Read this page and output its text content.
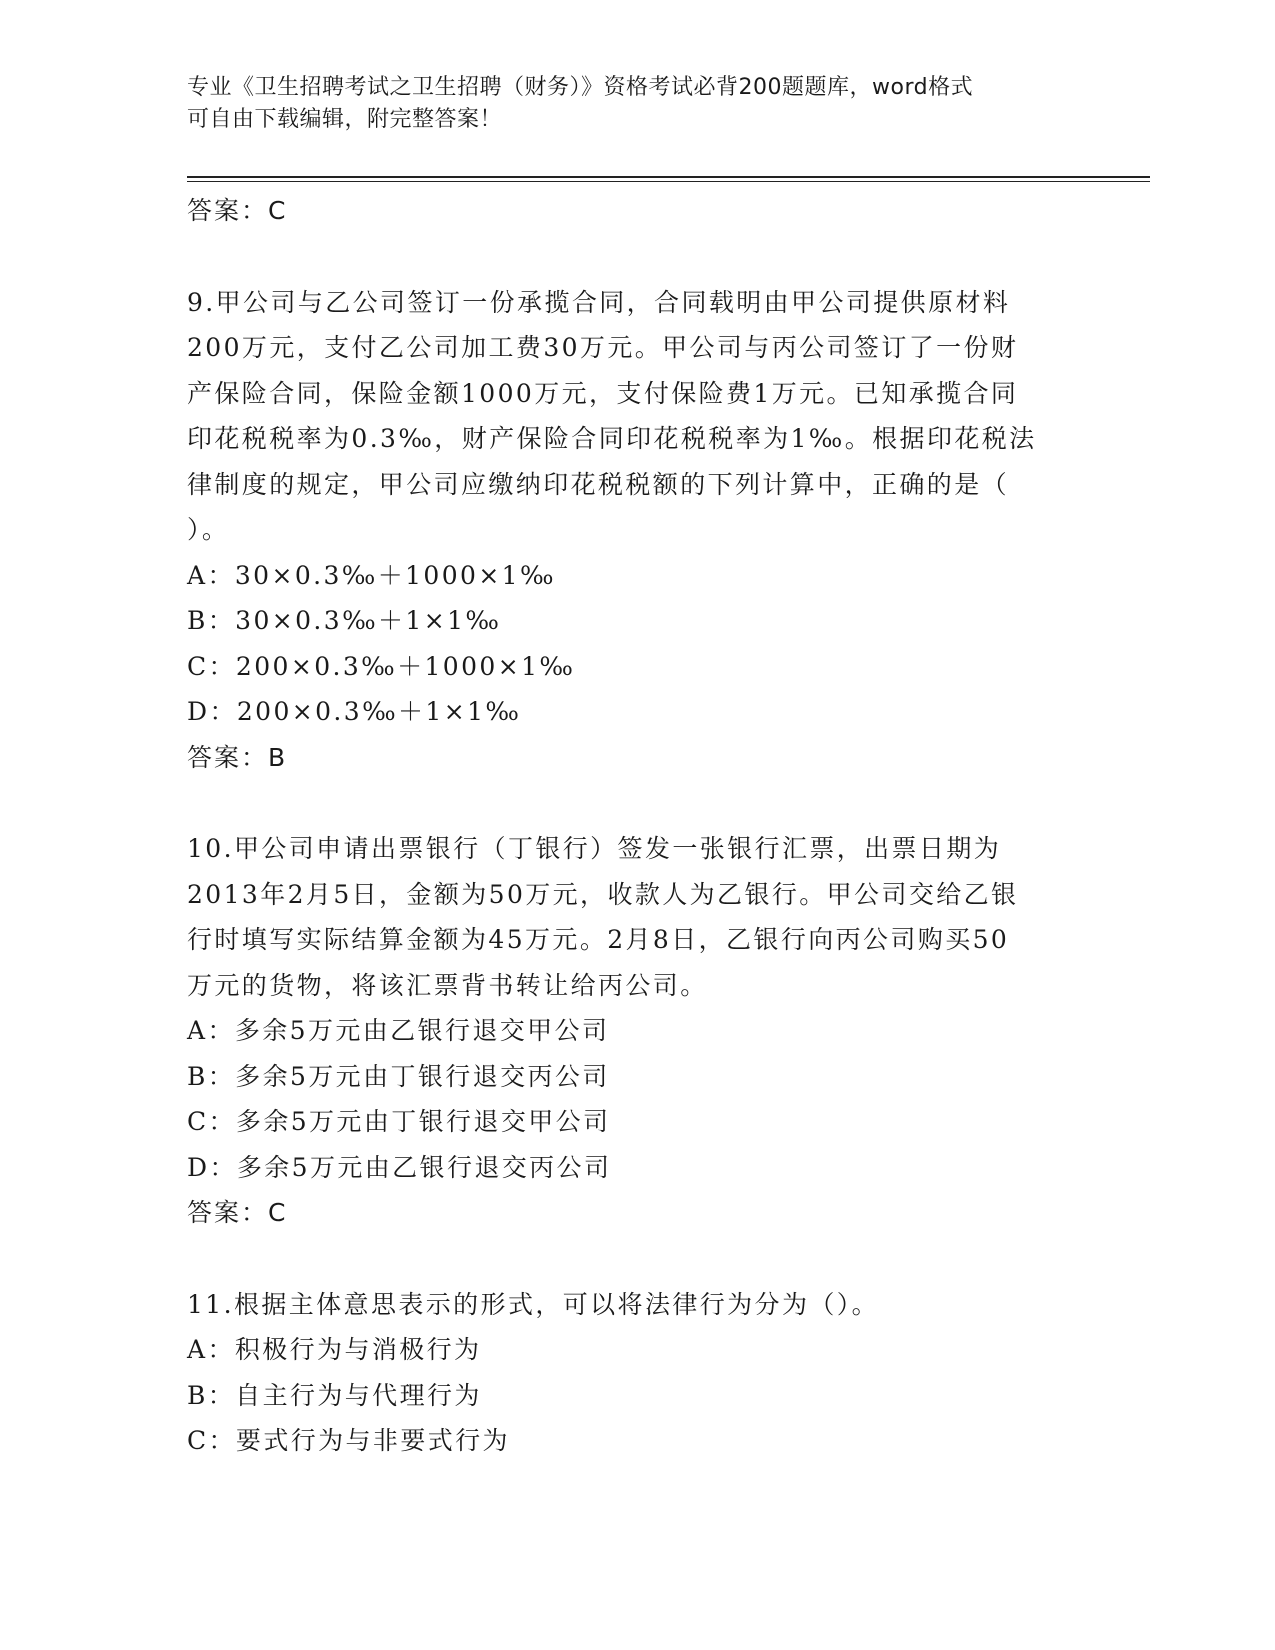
专业《卫生招聘考试之卫生招聘（财务）》资格考试必背200题题库，word格式
可自由下载编辑，附完整答案！
答案：C
9.甲公司与乙公司签订一份承揽合同，合同载明由甲公司提供原材料
200万元，支付乙公司加工费30万元。甲公司与丙公司签订了一份财
产保险合同，保险金额1000万元，支付保险费1万元。已知承揽合同
印花税税率为0.3‰，财产保险合同印花税税率为1‰。根据印花税法
律制度的规定，甲公司应缴纳印花税税额的下列计算中，正确的是（
）。
A：30×0.3‰＋1000×1‰
B：30×0.3‰＋1×1‰
C：200×0.3‰＋1000×1‰
D：200×0.3‰＋1×1‰
答案：B
10.甲公司申请出票银行（丁银行）签发一张银行汇票，出票日期为
2013年2月5日，金额为50万元，收款人为乙银行。甲公司交给乙银
行时填写实际结算金额为45万元。2月8日，乙银行向丙公司购买50
万元的货物，将该汇票背书转让给丙公司。
A：多余5万元由乙银行退交甲公司
B：多余5万元由丁银行退交丙公司
C：多余5万元由丁银行退交甲公司
D：多余5万元由乙银行退交丙公司
答案：C
11.根据主体意思表示的形式，可以将法律行为分为（）。
A：积极行为与消极行为
B：自主行为与代理行为
C：要式行为与非要式行为
